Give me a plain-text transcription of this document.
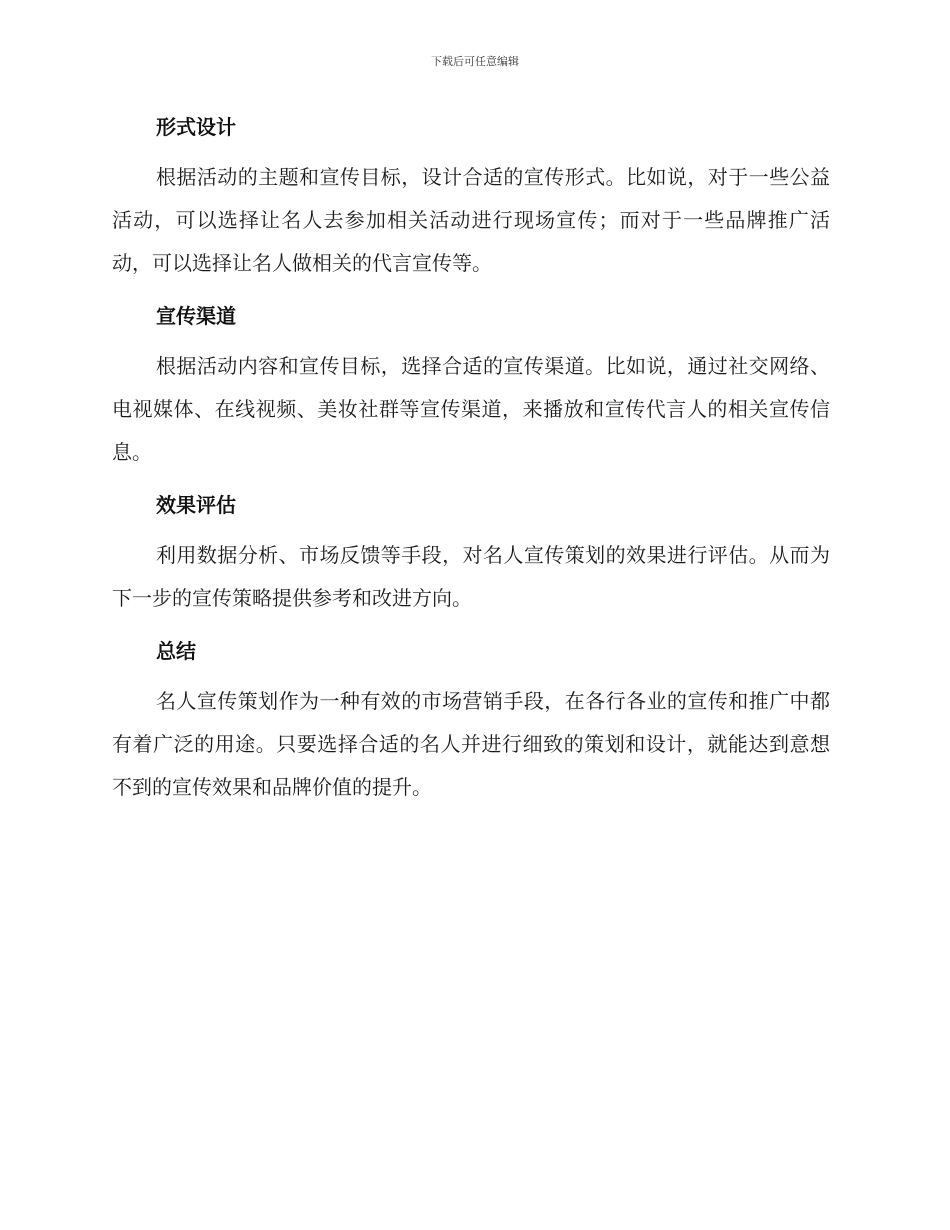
下载后可任意编辑
形式设计

根据活动的主题和宣传目标，设计合适的宣传形式。比如说，对于一些公益活动，可以选择让名人去参加相关活动进行现场宣传；而对于一些品牌推广活动，可以选择让名人做相关的代言宣传等。

宣传渠道

根据活动内容和宣传目标，选择合适的宣传渠道。比如说，通过社交网络、电视媒体、在线视频、美妆社群等宣传渠道，来播放和宣传代言人的相关宣传信息。

效果评估

利用数据分析、市场反馈等手段，对名人宣传策划的效果进行评估。从而为下一步的宣传策略提供参考和改进方向。

总结

名人宣传策划作为一种有效的市场营销手段，在各行各业的宣传和推广中都有着广泛的用途。只要选择合适的名人并进行细致的策划和设计，就能达到意想不到的宣传效果和品牌价值的提升。
